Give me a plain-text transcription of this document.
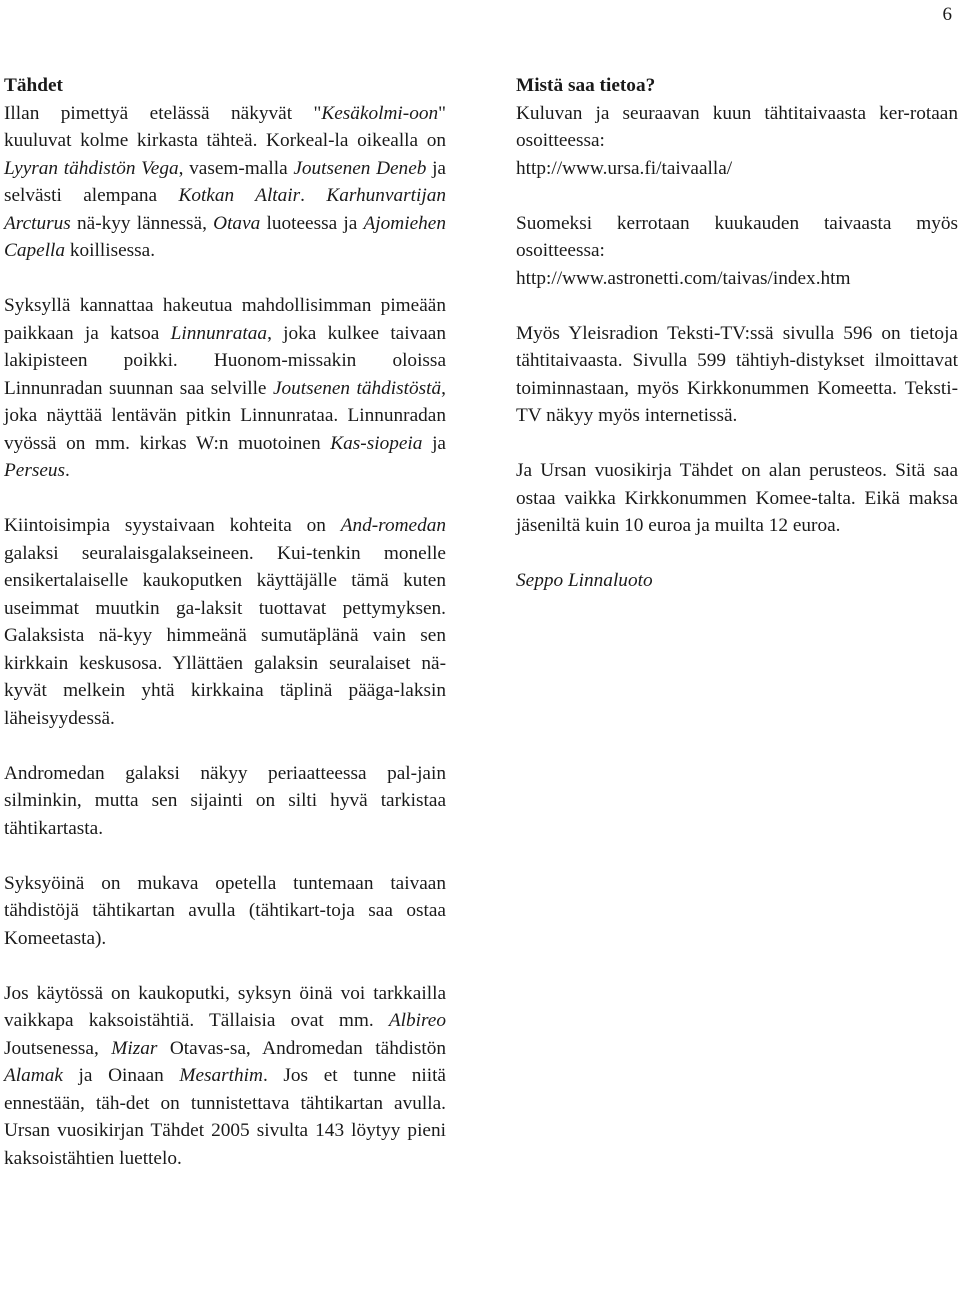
6
Tähdet

Illan pimettyä etelässä näkyvät "Kesäkolmi-oon" kuuluvat kolme kirkasta tähteä. Korkeal-la oikealla on Lyyran tähdistön Vega, vasem-malla Joutsenen Deneb ja selvästi alempana Kotkan Altair. Karhunvartijan Arcturus nä-kyy lännessä, Otava luoteessa ja Ajomiehen Capella koillisessa.

Syksyllä kannattaa hakeutua mahdollisimman pimeään paikkaan ja katsoa Linnunrataa, joka kulkee taivaan lakipisteen poikki. Huonom-missakin oloissa Linnunradan suunnan saa selville Joutsenen tähdistöstä, joka näyttää lentävän pitkin Linnunrataa. Linnunradan vyössä on mm. kirkas W:n muotoinen Kas-siopeia ja Perseus.

Kiintoisimpia syystaivaan kohteita on And-romedan galaksi seuralaisgalakseineen. Kui-tenkin monelle ensikertalaiselle kaukoputken käyttäjälle tämä kuten useimmat muutkin ga-laksit tuottavat pettymyksen. Galaksista nä-kyy himmeänä sumutäplänä vain sen kirkkain keskusosa. Yllättäen galaksin seuralaiset nä-kyvät melkein yhtä kirkkaina täplinä pääga-laksin läheisyydessä.

Andromedan galaksi näkyy periaatteessa pal-jain silminkin, mutta sen sijainti on silti hyvä tarkistaa tähtikartasta.

Syksyöinä on mukava opetella tuntemaan taivaan tähdistöjä tähtikartan avulla (tähtikart-toja saa ostaa Komeetasta).

Jos käytössä on kaukoputki, syksyn öinä voi tarkkailla vaikkapa kaksoistähtiä. Tällaisia ovat mm. Albireo Joutsenessa, Mizar Otavas-sa, Andromedan tähdistön Alamak ja Oinaan Mesarthim. Jos et tunne niitä ennestään, täh-det on tunnistettava tähtikartan avulla. Ursan vuosikirjan Tähdet 2005 sivulta 143 löytyy pieni kaksoistähtien luettelo.

Mistä saa tietoa?

Kuluvan ja seuraavan kuun tähtitaivaasta ker-rotaan osoitteessa:
http://www.ursa.fi/taivaalla/

Suomeksi kerrotaan kuukauden taivaasta myös osoitteessa:
http://www.astronetti.com/taivas/index.htm

Myös Yleisradion Teksti-TV:ssä sivulla 596 on tietoja tähtitaivaasta. Sivulla 599 tähtiyh-distykset ilmoittavat toiminnastaan, myös Kirkkonummen Komeetta. Teksti-TV näkyy myös internetissä.

Ja Ursan vuosikirja Tähdet on alan perusteos. Sitä saa ostaa vaikka Kirkkonummen Komee-talta. Eikä maksa jäseniltä kuin 10 euroa ja muilta 12 euroa.

Seppo Linnaluoto
